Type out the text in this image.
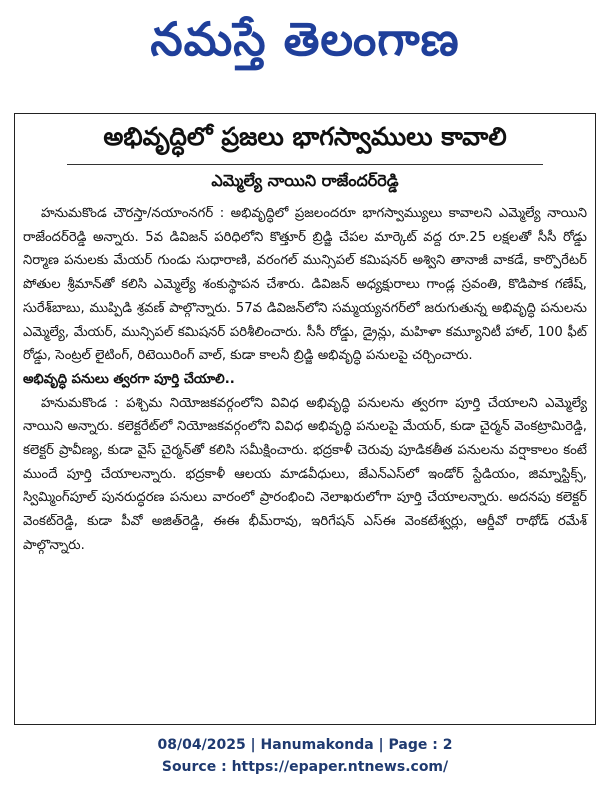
నమస్తే తెలంగాణ
అభివృద్ధిలో ప్రజలు భాగస్వాములు కావాలి
ఎమ్మెల్యే నాయిని రాజేందర్‌రెడ్డి

హనుమకొండ చౌరస్తా/నయాంనగర్ : అభివృద్ధిలో ప్రజలందరూ భాగస్వామ్యులు కావాలని ఎమ్మెల్యే నాయిని రాజేందర్‌రెడ్డి అన్నారు. 5వ డివిజన్ పరిధిలోని కొత్తూర్ బ్రిడ్జి చేపల మార్కెట్ వద్ద రూ.25 లక్షలతో సీసీ రోడ్డు నిర్మాణ పనులకు మేయర్ గుండు సుధారాణి, వరంగల్ మున్సిపల్ కమిషనర్ అశ్విని తానాజీ వాకడే, కార్పొరేటర్ పోతుల శ్రీమాన్‌తో కలిసి ఎమ్మెల్యే శంకుస్థాపన చేశారు. డివిజన్ అధ్యక్షురాలు గాండ్ల స్రవంతి, కొడిపాక గణేష్, సురేశ్‌బాబు, ముప్పిడి శ్రవణ్ పాల్గొన్నారు. 57వ డివిజన్‌లోని సమ్మయ్యనగర్‌లో జరుగుతున్న అభివృద్ధి పనులను ఎమ్మెల్యే, మేయర్, మున్సిపల్ కమిషనర్ పరిశీలించారు. సీసీ రోడ్డు, డ్రైన్లు, మహిళా కమ్యూనిటీ హాల్, 100 ఫీట్ రోడ్డు, సెంట్రల్ లైటింగ్, రిటెయిరింగ్ వాల్, కుడా కాలనీ బ్రిడ్జి అభివృద్ధి పనులపై చర్చించారు.

అభివృద్ధి పనులు త్వరగా పూర్తి చేయాలి..

హనుమకొండ : పశ్చిమ నియోజకవర్గంలోని వివిధ అభివృద్ధి పనులను త్వరగా పూర్తి చేయాలని ఎమ్మెల్యే నాయిని అన్నారు. కలెక్టరేట్‌లో నియోజకవర్గంలోని వివిధ అభివృద్ధి పనులపై మేయర్, కుడా చైర్మన్ వెంకట్రామిరెడ్డి, కలెక్టర్ ప్రావీణ్య, కుడా వైస్ చైర్మన్‌తో కలిసి సమీక్షించారు. భద్రకాళీ చెరువు పూడికతీత పనులను వర్షాకాలం కంటే ముందే పూర్తి చేయాలన్నారు. భద్రకాళీ ఆలయ మాడవీధులు, జేఎన్ఎస్‌లో ఇండోర్ స్టేడియం, జిమ్నాస్టిక్స్, స్విమ్మింగ్‌పూల్ పునరుద్ధరణ పనులు వారంలో ప్రారంభించి నెలాఖరులోగా పూర్తి చేయాలన్నారు. అదనపు కలెక్టర్ వెంకట్‌రెడ్డి, కుడా పీవో అజిత్‌రెడ్డి, ఈఈ భీమ్‌రావు, ఇరిగేషన్ ఎస్ఈ వెంకటేశ్వర్లు, ఆర్డీవో రాథోడ్ రమేశ్ పాల్గొన్నారు.

08/04/2025 | Hanumakonda | Page : 2
Source : https://epaper.ntnews.com/
